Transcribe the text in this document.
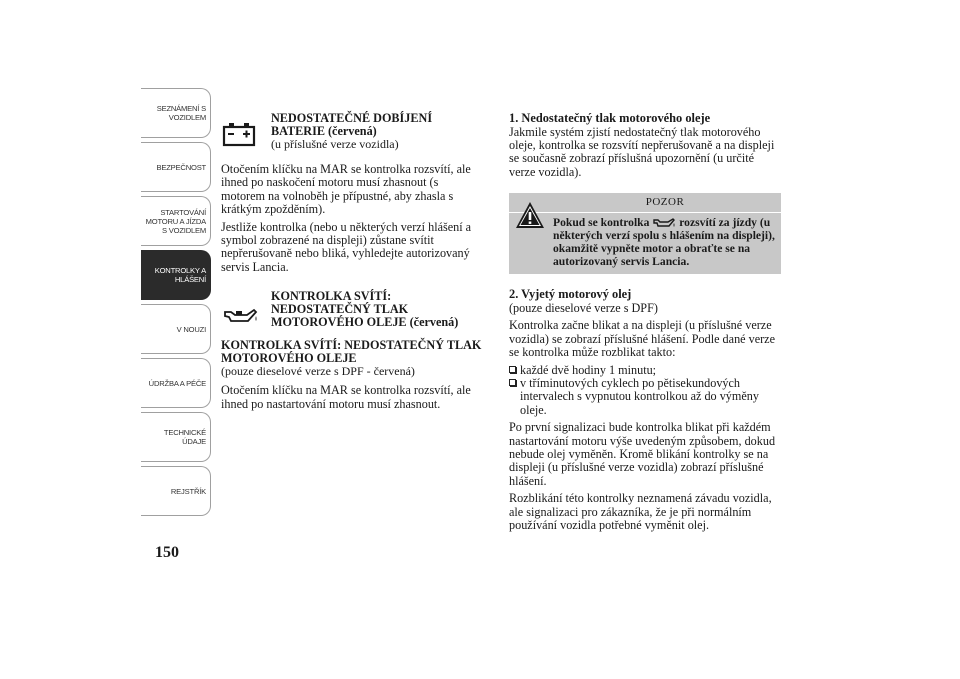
SEZNÁMENÍ S VOZIDLEM
BEZPEČNOST
STARTOVÁNÍ MOTORU A JÍZDA S VOZIDLEM
KONTROLKY A HLÁŠENÍ
V NOUZI
ÚDRŽBA A PÉČE
TECHNICKÉ ÚDAJE
REJSTŘÍK
150
NEDOSTATEČNÉ DOBÍJENÍ BATERIE (červená)
(u příslušné verze vozidla)

Otočením klíčku na MAR se kontrolka rozsvítí, ale ihned po naskočení motoru musí zhasnout (s motorem na volnoběh je přípustné, aby zhasla s krátkým zpožděním).

Jestliže kontrolka (nebo u některých verzí hlášení a symbol zobrazené na displeji) zůstane svítit nepřerušovaně nebo bliká, vyhledejte autorizovaný servis Lancia.

KONTROLKA SVÍTÍ: NEDOSTATEČNÝ TLAK MOTOROVÉHO OLEJE (červená)
KONTROLKA SVÍTÍ: NEDOSTATEČNÝ TLAK MOTOROVÉHO OLEJE
(pouze dieselové verze s DPF - červená)

Otočením klíčku na MAR se kontrolka rozsvítí, ale ihned po nastartování motoru musí zhasnout.

1. Nedostatečný tlak motorového oleje

Jakmile systém zjistí nedostatečný tlak motorového oleje, kontrolka se rozsvítí nepřerušovaně a na displeji se současně zobrazí příslušná upozornění (u určité verze vozidla).

POZOR
Pokud se kontrolka	rozsvítí za jízdy (u některých verzí spolu s hlášením na displeji), okamžitě vypněte motor a obraťte se na autorizovaný servis Lancia.
2. Vyjetý motorový olej

(pouze dieselové verze s DPF)

Kontrolka začne blikat a na displeji (u příslušné verze vozidla) se zobrazí příslušné hlášení. Podle dané verze se kontrolka může rozblikat takto:

každé dvě hodiny 1 minutu;
v tříminutových cyklech po pětisekundových intervalech s vypnutou kontrolkou až do výměny oleje.

Po první signalizaci bude kontrolka blikat při každém nastartování motoru výše uvedeným způsobem, dokud nebude olej vyměněn. Kromě blikání kontrolky se na displeji (u příslušné verze vozidla) zobrazí příslušné hlášení.

Rozblikání této kontrolky neznamená závadu vozidla, ale signalizaci pro zákazníka, že je při normálním používání vozidla potřebné vyměnit olej.
